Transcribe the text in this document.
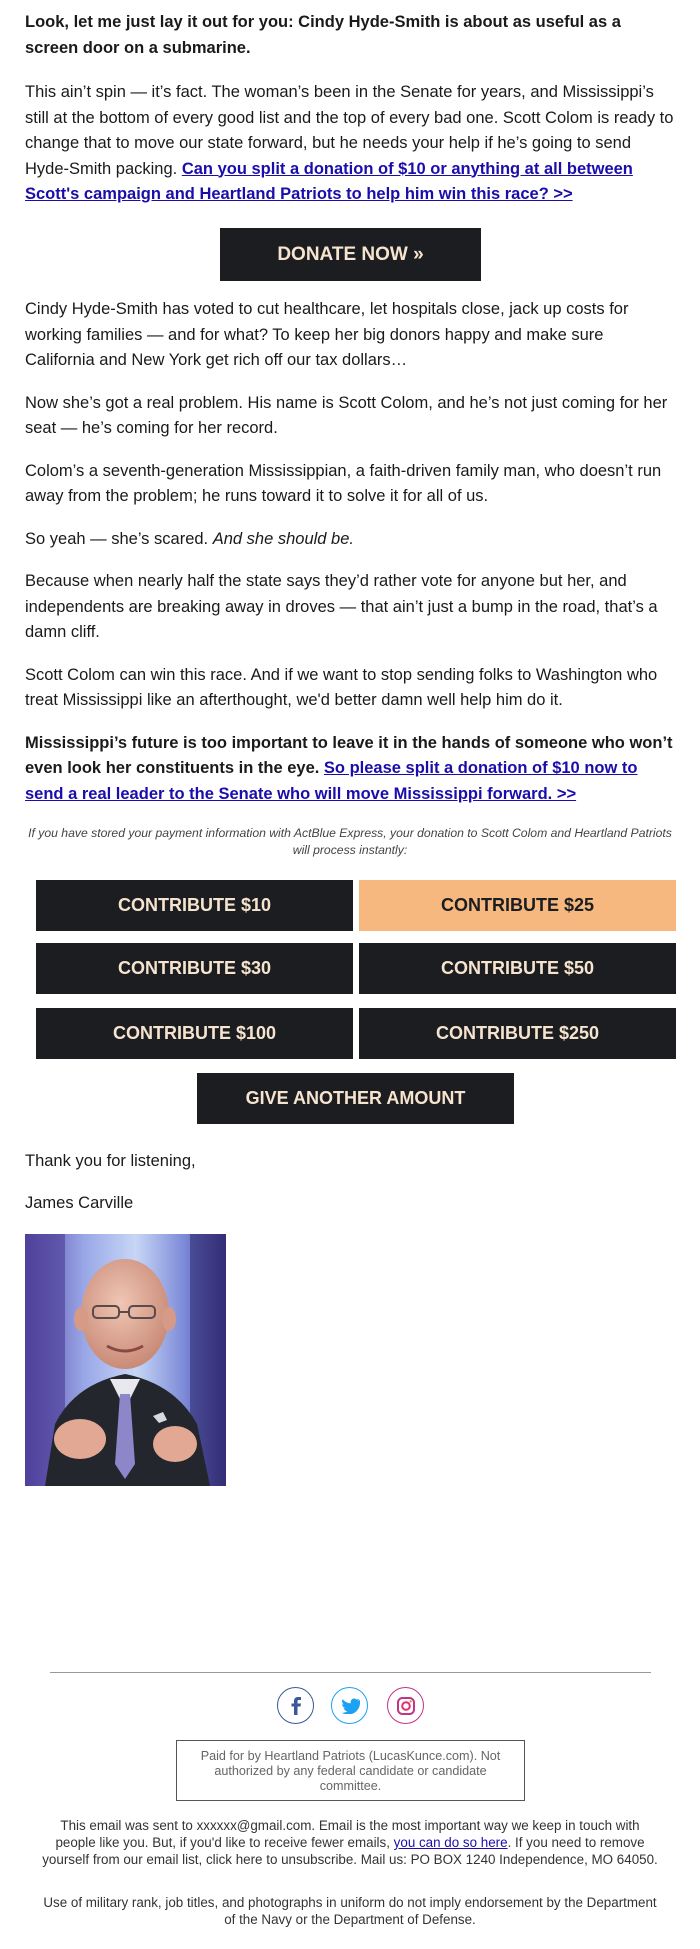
Look, let me just lay it out for you: Cindy Hyde-Smith is about as useful as a screen door on a submarine.

This ain’t spin — it’s fact. The woman’s been in the Senate for years, and Mississippi’s still at the bottom of every good list and the top of every bad one. Scott Colom is ready to change that to move our state forward, but he needs your help if he’s going to send Hyde-Smith packing. Can you split a donation of $10 or anything at all between Scott's campaign and Heartland Patriots to help him win this race? >>

DONATE NOW »

Cindy Hyde-Smith has voted to cut healthcare, let hospitals close, jack up costs for working families — and for what? To keep her big donors happy and make sure California and New York get rich off our tax dollars…

Now she’s got a real problem. His name is Scott Colom, and he’s not just coming for her seat — he’s coming for her record.

Colom’s a seventh-generation Mississippian, a faith-driven family man, who doesn’t run away from the problem; he runs toward it to solve it for all of us.

So yeah — she’s scared. And she should be.

Because when nearly half the state says they’d rather vote for anyone but her, and independents are breaking away in droves — that ain’t just a bump in the road, that’s a damn cliff.

Scott Colom can win this race. And if we want to stop sending folks to Washington who treat Mississippi like an afterthought, we'd better damn well help him do it.

Mississippi’s future is too important to leave it in the hands of someone who won’t even look her constituents in the eye. So please split a donation of $10 now to send a real leader to the Senate who will move Mississippi forward. >>

If you have stored your payment information with ActBlue Express, your donation to Scott Colom and Heartland Patriots will process instantly:

CONTRIBUTE $10	CONTRIBUTE $25
CONTRIBUTE $30	CONTRIBUTE $50
CONTRIBUTE $100	CONTRIBUTE $250
GIVE ANOTHER AMOUNT

Thank you for listening,

James Carville

Paid for by Heartland Patriots (LucasKunce.com). Not authorized by any federal candidate or candidate committee.

This email was sent to xxxxxx@gmail.com. Email is the most important way we keep in touch with people like you. But, if you'd like to receive fewer emails, you can do so here. If you need to remove yourself from our email list, click here to unsubscribe. Mail us: PO BOX 1240 Independence, MO 64050.

Use of military rank, job titles, and photographs in uniform do not imply endorsement by the Department of the Navy or the Department of Defense.
